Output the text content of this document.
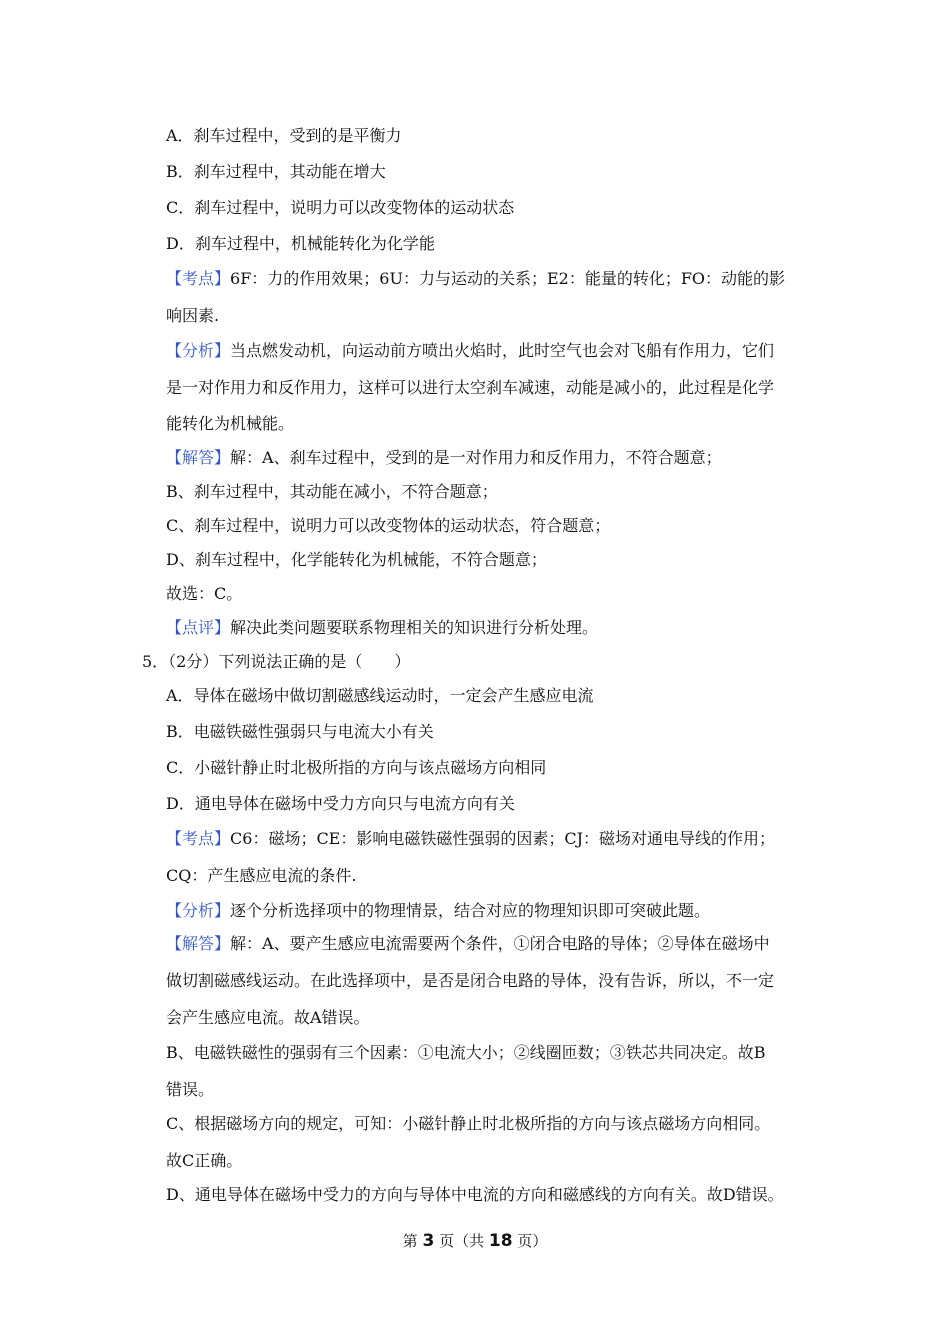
A．刹车过程中，受到的是平衡力
B．刹车过程中，其动能在增大
C．刹车过程中，说明力可以改变物体的运动状态
D．刹车过程中，机械能转化为化学能
【考点】6F：力的作用效果；6U：力与运动的关系；E2：能量的转化；FO：动能的影
响因素.
【分析】当点燃发动机，向运动前方喷出火焰时，此时空气也会对飞船有作用力，它们
是一对作用力和反作用力，这样可以进行太空刹车减速，动能是减小的，此过程是化学
能转化为机械能。
【解答】解：A、刹车过程中，受到的是一对作用力和反作用力，不符合题意；
B、刹车过程中，其动能在减小，不符合题意；
C、刹车过程中，说明力可以改变物体的运动状态，符合题意；
D、刹车过程中，化学能转化为机械能，不符合题意；
故选：C。
【点评】解决此类问题要联系物理相关的知识进行分析处理。
5．（2分）下列说法正确的是（　　）
A．导体在磁场中做切割磁感线运动时，一定会产生感应电流
B．电磁铁磁性强弱只与电流大小有关
C．小磁针静止时北极所指的方向与该点磁场方向相同
D．通电导体在磁场中受力方向只与电流方向有关
【考点】C6：磁场；CE：影响电磁铁磁性强弱的因素；CJ：磁场对通电导线的作用；
CQ：产生感应电流的条件.
【分析】逐个分析选择项中的物理情景，结合对应的物理知识即可突破此题。
【解答】解：A、要产生感应电流需要两个条件，①闭合电路的导体；②导体在磁场中
做切割磁感线运动。在此选择项中，是否是闭合电路的导体，没有告诉，所以，不一定
会产生感应电流。故A错误。
B、电磁铁磁性的强弱有三个因素：①电流大小；②线圈匝数；③铁芯共同决定。故B
错误。
C、根据磁场方向的规定，可知：小磁针静止时北极所指的方向与该点磁场方向相同。
故C正确。
D、通电导体在磁场中受力的方向与导体中电流的方向和磁感线的方向有关。故D错误。
第 3 页（共 18 页）
